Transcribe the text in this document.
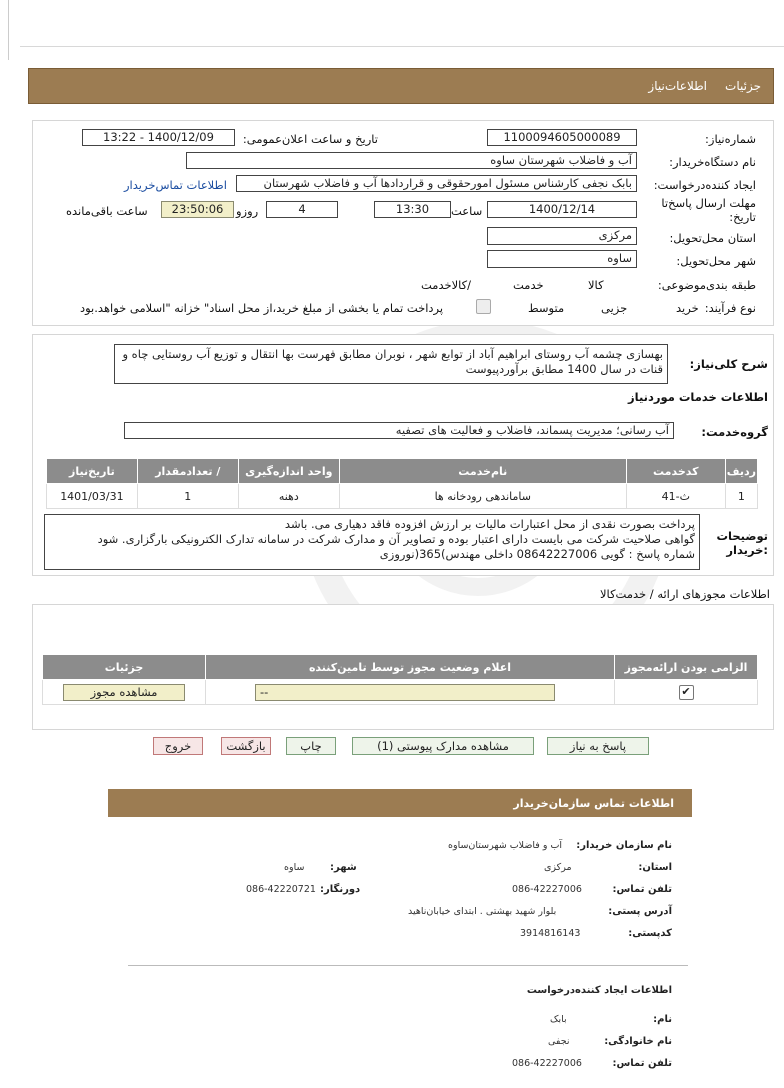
جزئيات
اطلاعات‌نیاز
شماره‌نیاز:
1100094605000089
تاریخ و ساعت اعلان‌عمومی:
1400/12/09 - 13:22
نام دستگاه‌خریدار:
آب و فاضلاب شهرستان ساوه
ایجاد کننده‌درخواست:
بابک نجفی کارشناس مسئول امورحقوقی و قراردادها آب و فاضلاب شهرستان
اطلاعات تماس‌خریدار
مهلت ارسال پاسخ‌تا تاریخ:
1400/12/14
ساعت
13:30
4
روزو
23:50:06
ساعت باقی‌مانده
استان محل‌تحویل:
مرکزی
شهر محل‌تحویل:
ساوه
طبقه بندی‌موضوعی:

کالا

خدمت

/کالاخدمت
نوع فرآیند:
خرید

جزیی
متوسط
پرداخت تمام یا بخشی از مبلغ خرید،از محل اسناد" خزانه "اسلامی خواهد.بود
شرح کلی‌نیاز:
بهسازی چشمه آب روستای ابراهیم آباد از توابع شهر ، نوبران مطابق فهرست بها انتقال و توزیع آب روستایی چاه و قنات در سال 1400 مطابق برآوردپیوست
اطلاعات خدمات موردنیاز
گروه‌خدمت:
آب رسانی؛ مدیریت پسماند، فاضلاب و فعالیت های تصفیه
ردیف	کدخدمت	نام‌خدمت	واحد اندازه‌گیری	/ تعدادمقدار	تاریخ‌نیاز
1	ث-41	ساماندهی رودخانه ها	دهنه	1	1401/03/31
توضیحات :خریدار
پرداخت بصورت نقدی از محل اعتبارات مالیات بر ارزش افزوده فاقد دهیاری می. باشد
گواهی صلاحیت شرکت می بایست دارای اعتبار بوده و تصاویر آن و مدارک شرکت در سامانه تدارک الکترونیکی بارگزاری. شود
شماره پاسخ : گویی 08642227006 داخلی مهندس)365(نوروزی
اطلاعات مجوزهای ارائه / خدمت‌کالا
الزامی بودن ارائه‌مجوز	اعلام وضعیت مجوز توسط تامین‌کننده	جزئیات
✔	--	مشاهده مجوز
پاسخ به نیاز
مشاهده مدارک پیوستی (1)
چاپ
بازگشت
خروج
اطلاعات تماس سازمان‌خریدار
نام سازمان خریدار:
آب و فاضلاب شهرستان‌ساوه
استان:
مرکزی
شهر:
ساوه
تلفن تماس:
086-42227006
دورنگار:
086-42220721
آدرس پستی:
بلوار شهید بهشتی . ابتدای خیابان‌ناهید
کدپستی:
3914816143
اطلاعات ایجاد کننده‌درخواست
نام:
بابک
نام خانوادگی:
نجفی
تلفن تماس:
086-42227006
